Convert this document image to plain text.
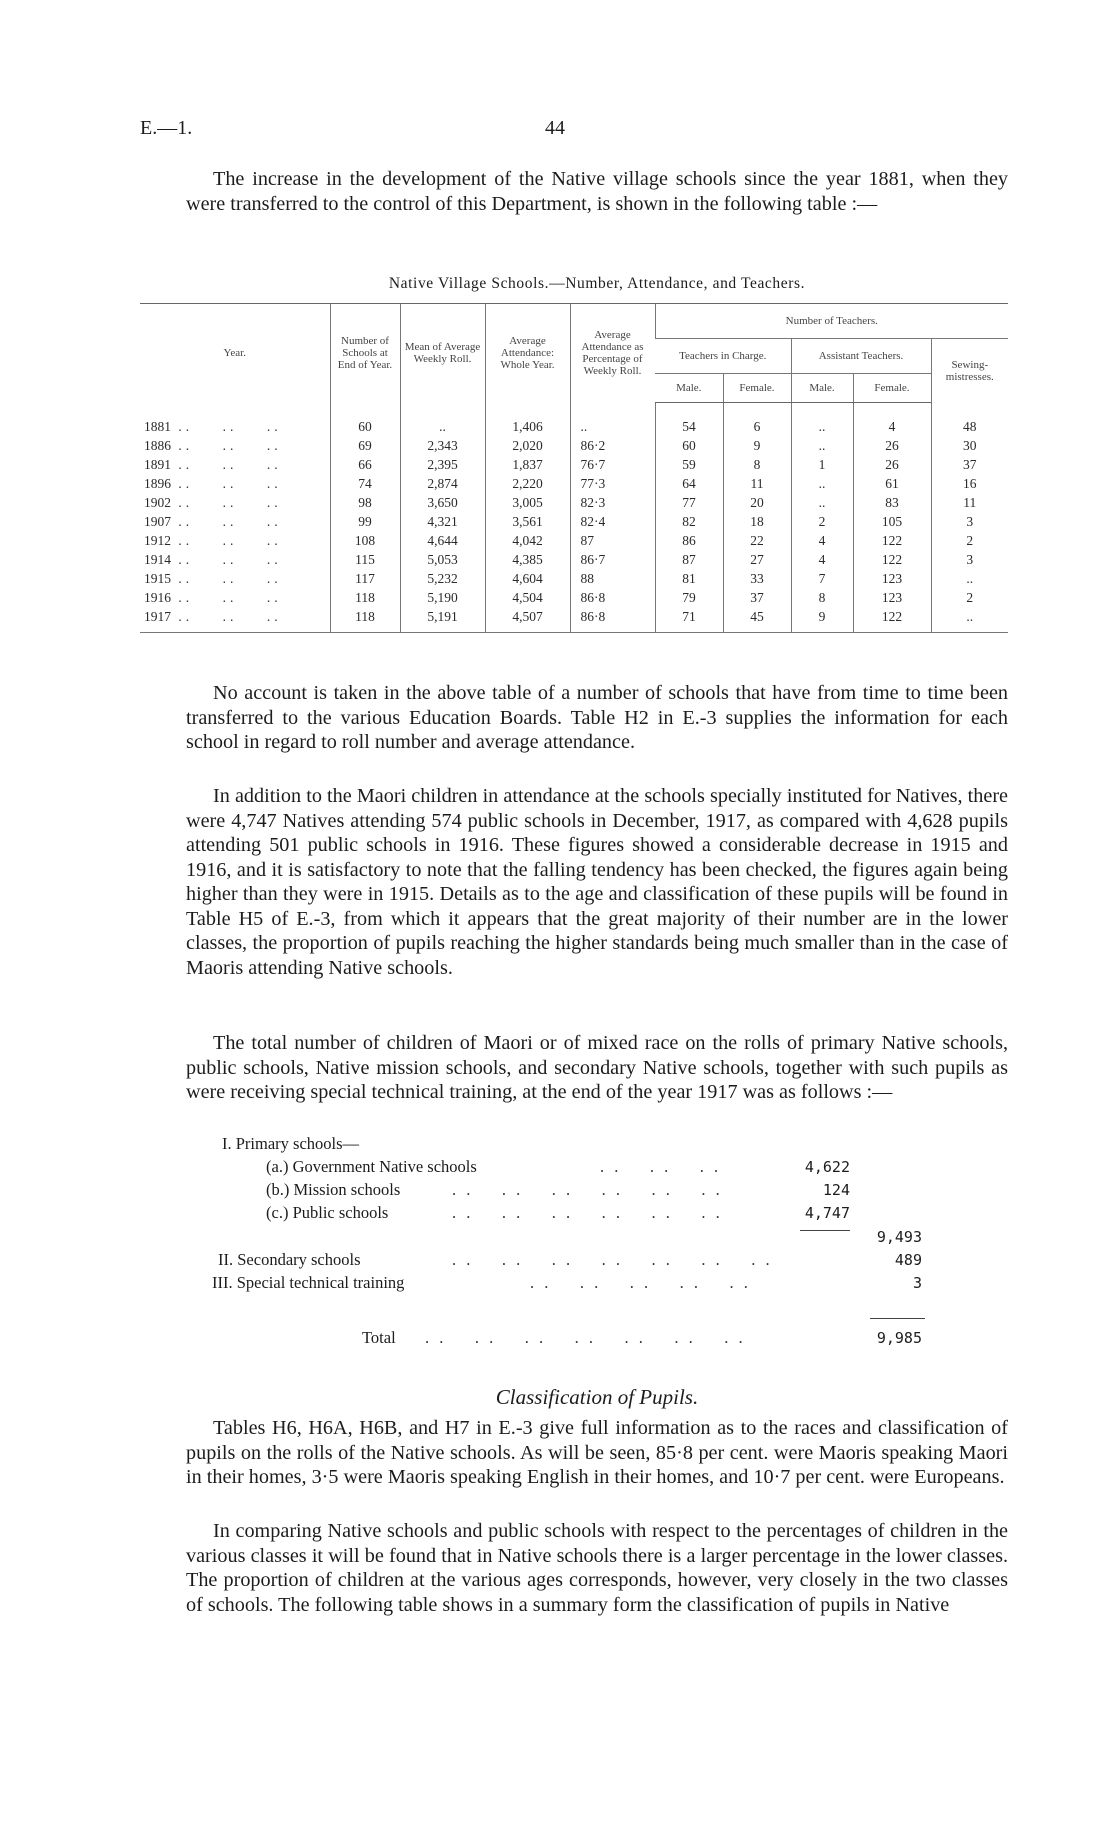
E.—1.	44

The increase in the development of the Native village schools since the year 1881, when they were transferred to the control of this Department, is shown in the following table :—

Native Village Schools.—Number, Attendance, and Teachers.
Year.	Number of Schools at End of Year.	Mean of Average Weekly Roll.	Average Attendance: Whole Year.	Average Attendance as Percentage of Weekly Roll.	Number of Teachers.				
					Teachers in Charge.		Assistant Teachers.		Sewing-mistresses.
					Male.	Female.	Male.	Female.	
1881 ..    ..    ..	60	..	1,406	..	54	6	..	4	48
1886 ..    ..    ..	69	2,343	2,020	86·2	60	9	..	26	30
1891 ..    ..    ..	66	2,395	1,837	76·7	59	8	1	26	37
1896 ..    ..    ..	74	2,874	2,220	77·3	64	11	..	61	16
1902 ..    ..    ..	98	3,650	3,005	82·3	77	20	..	83	11
1907 ..    ..    ..	99	4,321	3,561	82·4	82	18	2	105	3
1912 ..    ..    ..	108	4,644	4,042	87	86	22	4	122	2
1914 ..    ..    ..	115	5,053	4,385	86·7	87	27	4	122	3
1915 ..    ..    ..	117	5,232	4,604	88	81	33	7	123	..
1916 ..    ..    ..	118	5,190	4,504	86·8	79	37	8	123	2
1917 ..    ..    ..	118	5,191	4,507	86·8	71	45	9	122	..

No account is taken in the above table of a number of schools that have from time to time been transferred to the various Education Boards. Table H2 in E.-3 supplies the information for each school in regard to roll number and average attendance.

In addition to the Maori children in attendance at the schools specially instituted for Natives, there were 4,747 Natives attending 574 public schools in December, 1917, as compared with 4,628 pupils attending 501 public schools in 1916. These figures showed a considerable decrease in 1915 and 1916, and it is satisfactory to note that the falling tendency has been checked, the figures again being higher than they were in 1915. Details as to the age and classification of these pupils will be found in Table H5 of E.-3, from which it appears that the great majority of their number are in the lower classes, the proportion of pupils reaching the higher standards being much smaller than in the case of Maoris attending Native schools.

The total number of children of Maori or of mixed race on the rolls of primary Native schools, public schools, Native mission schools, and secondary Native schools, together with such pupils as were receiving special technical training, at the end of the year 1917 was as follows :—

I. Primary schools—
(a.) Government Native schools	. .    . .    . .	4,622
(b.) Mission schools	. .    . .    . .    . .    . .    . .	124
(c.) Public schools	. .    . .    . .    . .    . .    . .	4,747
9,493
II. Secondary schools	. .    . .    . .    . .    . .    . .    . .	489
III. Special technical training	. .    . .    . .    . .    . .	3
Total . .    . .    . .    . .    . .    . .    . .	9,985
Classification of Pupils.

Tables H6, H6A, H6B, and H7 in E.-3 give full information as to the races and classification of pupils on the rolls of the Native schools. As will be seen, 85·8 per cent. were Maoris speaking Maori in their homes, 3·5 were Maoris speaking English in their homes, and 10·7 per cent. were Europeans.

In comparing Native schools and public schools with respect to the percentages of children in the various classes it will be found that in Native schools there is a larger percentage in the lower classes. The proportion of children at the various ages corresponds, however, very closely in the two classes of schools. The following table shows in a summary form the classification of pupils in Native
